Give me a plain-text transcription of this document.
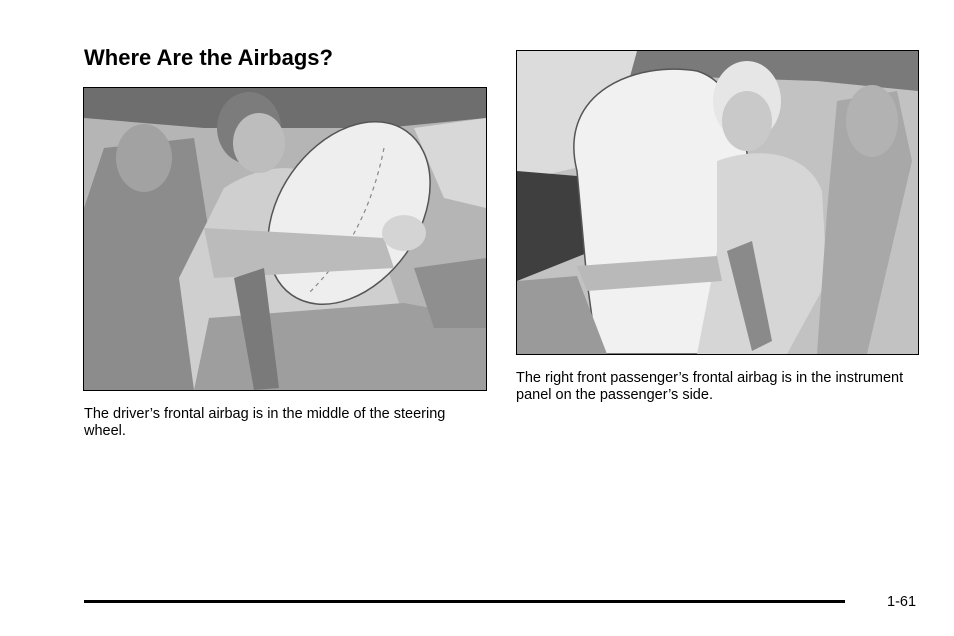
Where Are the Airbags?

The driver’s frontal airbag is in the middle of the steering wheel.

The right front passenger’s frontal airbag is in the instrument panel on the passenger’s side.

1-61
